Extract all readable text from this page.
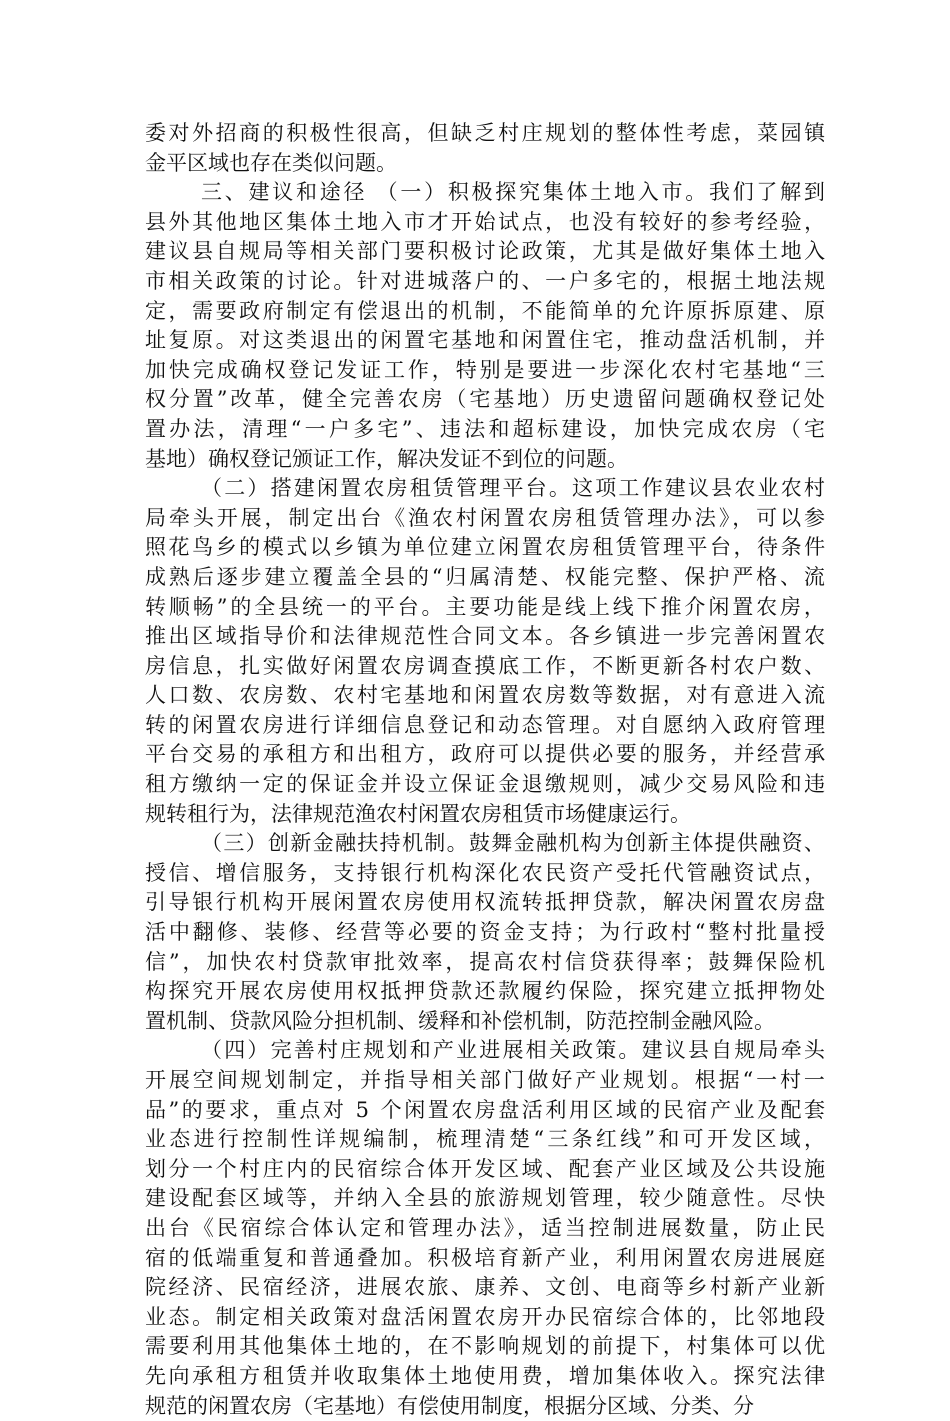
委对外招商的积极性很高，但缺乏村庄规划的整体性考虑，菜园镇
金平区域也存在类似问题。
三、建议和途径 （一）积极探究集体土地入市。我们了解到
县外其他地区集体土地入市才开始试点，也没有较好的参考经验，
建议县自规局等相关部门要积极讨论政策，尤其是做好集体土地入
市相关政策的讨论。针对进城落户的、一户多宅的，根据土地法规
定，需要政府制定有偿退出的机制，不能简单的允许原拆原建、原
址复原。对这类退出的闲置宅基地和闲置住宅，推动盘活机制，并
加快完成确权登记发证工作，特别是要进一步深化农村宅基地“三
权分置”改革，健全完善农房（宅基地）历史遗留问题确权登记处
置办法，清理“一户多宅”、违法和超标建设，加快完成农房（宅
基地）确权登记颁证工作，解决发证不到位的问题。
（二）搭建闲置农房租赁管理平台。这项工作建议县农业农村
局牵头开展，制定出台《渔农村闲置农房租赁管理办法》，可以参
照花鸟乡的模式以乡镇为单位建立闲置农房租赁管理平台，待条件
成熟后逐步建立覆盖全县的“归属清楚、权能完整、保护严格、流
转顺畅”的全县统一的平台。主要功能是线上线下推介闲置农房，
推出区域指导价和法律规范性合同文本。各乡镇进一步完善闲置农
房信息，扎实做好闲置农房调查摸底工作，不断更新各村农户数、
人口数、农房数、农村宅基地和闲置农房数等数据，对有意进入流
转的闲置农房进行详细信息登记和动态管理。对自愿纳入政府管理
平台交易的承租方和出租方，政府可以提供必要的服务，并经营承
租方缴纳一定的保证金并设立保证金退缴规则，减少交易风险和违
规转租行为，法律规范渔农村闲置农房租赁市场健康运行。
（三）创新金融扶持机制。鼓舞金融机构为创新主体提供融资、
授信、增信服务，支持银行机构深化农民资产受托代管融资试点，
引导银行机构开展闲置农房使用权流转抵押贷款，解决闲置农房盘
活中翻修、装修、经营等必要的资金支持；为行政村“整村批量授
信”，加快农村贷款审批效率，提高农村信贷获得率；鼓舞保险机
构探究开展农房使用权抵押贷款还款履约保险，探究建立抵押物处
置机制、贷款风险分担机制、缓释和补偿机制，防范控制金融风险。
（四）完善村庄规划和产业进展相关政策。建议县自规局牵头
开展空间规划制定，并指导相关部门做好产业规划。根据“一村一
品”的要求，重点对 5 个闲置农房盘活利用区域的民宿产业及配套
业态进行控制性详规编制，梳理清楚“三条红线”和可开发区域，
划分一个村庄内的民宿综合体开发区域、配套产业区域及公共设施
建设配套区域等，并纳入全县的旅游规划管理，较少随意性。尽快
出台《民宿综合体认定和管理办法》，适当控制进展数量，防止民
宿的低端重复和普通叠加。积极培育新产业，利用闲置农房进展庭
院经济、民宿经济，进展农旅、康养、文创、电商等乡村新产业新
业态。制定相关政策对盘活闲置农房开办民宿综合体的，比邻地段
需要利用其他集体土地的，在不影响规划的前提下，村集体可以优
先向承租方租赁并收取集体土地使用费，增加集体收入。探究法律
规范的闲置农房（宅基地）有偿使用制度，根据分区域、分类、分
